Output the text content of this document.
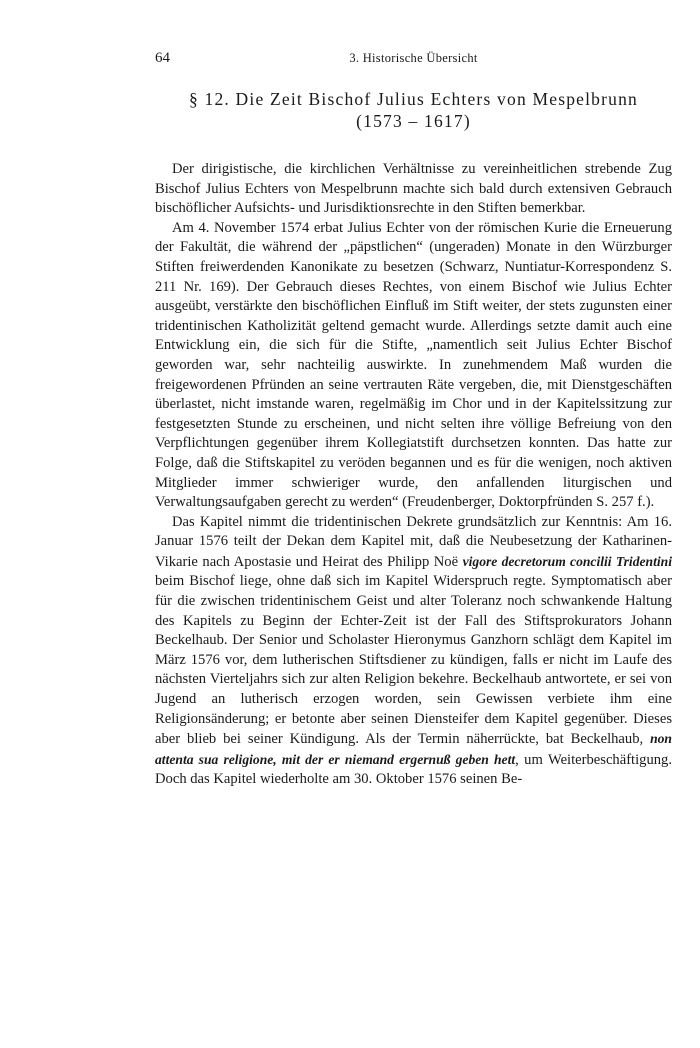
64	3. Historische Übersicht
§ 12. Die Zeit Bischof Julius Echters von Mespelbrunn
(1573 – 1617)

Der dirigistische, die kirchlichen Verhältnisse zu vereinheitlichen strebende Zug Bischof Julius Echters von Mespelbrunn machte sich bald durch extensiven Gebrauch bischöflicher Aufsichts- und Jurisdiktionsrechte in den Stiften bemerkbar.

Am 4. November 1574 erbat Julius Echter von der römischen Kurie die Erneuerung der Fakultät, die während der „päpstlichen“ (ungeraden) Monate in den Würzburger Stiften freiwerdenden Kanonikate zu besetzen (Schwarz, Nuntiatur-Korrespondenz S. 211 Nr. 169). Der Gebrauch dieses Rechtes, von einem Bischof wie Julius Echter ausgeübt, verstärkte den bischöflichen Einfluß im Stift weiter, der stets zugunsten einer tridentinischen Katholizität geltend gemacht wurde. Allerdings setzte damit auch eine Entwicklung ein, die sich für die Stifte, „namentlich seit Julius Echter Bischof geworden war, sehr nachteilig auswirkte. In zunehmendem Maß wurden die freigewordenen Pfründen an seine vertrauten Räte vergeben, die, mit Dienstgeschäften überlastet, nicht imstande waren, regelmäßig im Chor und in der Kapitelssitzung zur festgesetzten Stunde zu erscheinen, und nicht selten ihre völlige Befreiung von den Verpflichtungen gegenüber ihrem Kollegiatstift durchsetzen konnten. Das hatte zur Folge, daß die Stiftskapitel zu veröden begannen und es für die wenigen, noch aktiven Mitglieder immer schwieriger wurde, den anfallenden liturgischen und Verwaltungsaufgaben gerecht zu werden“ (Freudenberger, Doktorpfründen S. 257 f.).

Das Kapitel nimmt die tridentinischen Dekrete grundsätzlich zur Kenntnis: Am 16. Januar 1576 teilt der Dekan dem Kapitel mit, daß die Neubesetzung der Katharinen-Vikarie nach Apostasie und Heirat des Philipp Noë vigore decretorum concilii Tridentini beim Bischof liege, ohne daß sich im Kapitel Widerspruch regte. Symptomatisch aber für die zwischen tridentinischem Geist und alter Toleranz noch schwankende Haltung des Kapitels zu Beginn der Echter-Zeit ist der Fall des Stiftsprokurators Johann Beckelhaub. Der Senior und Scholaster Hieronymus Ganzhorn schlägt dem Kapitel im März 1576 vor, dem lutherischen Stiftsdiener zu kündigen, falls er nicht im Laufe des nächsten Vierteljahrs sich zur alten Religion bekehre. Beckelhaub antwortete, er sei von Jugend an lutherisch erzogen worden, sein Gewissen verbiete ihm eine Religionsänderung; er betonte aber seinen Diensteifer dem Kapitel gegenüber. Dieses aber blieb bei seiner Kündigung. Als der Termin näherrückte, bat Beckelhaub, non attenta sua religione, mit der er niemand ergernuß geben hett, um Weiterbeschäftigung. Doch das Kapitel wiederholte am 30. Oktober 1576 seinen Be-
